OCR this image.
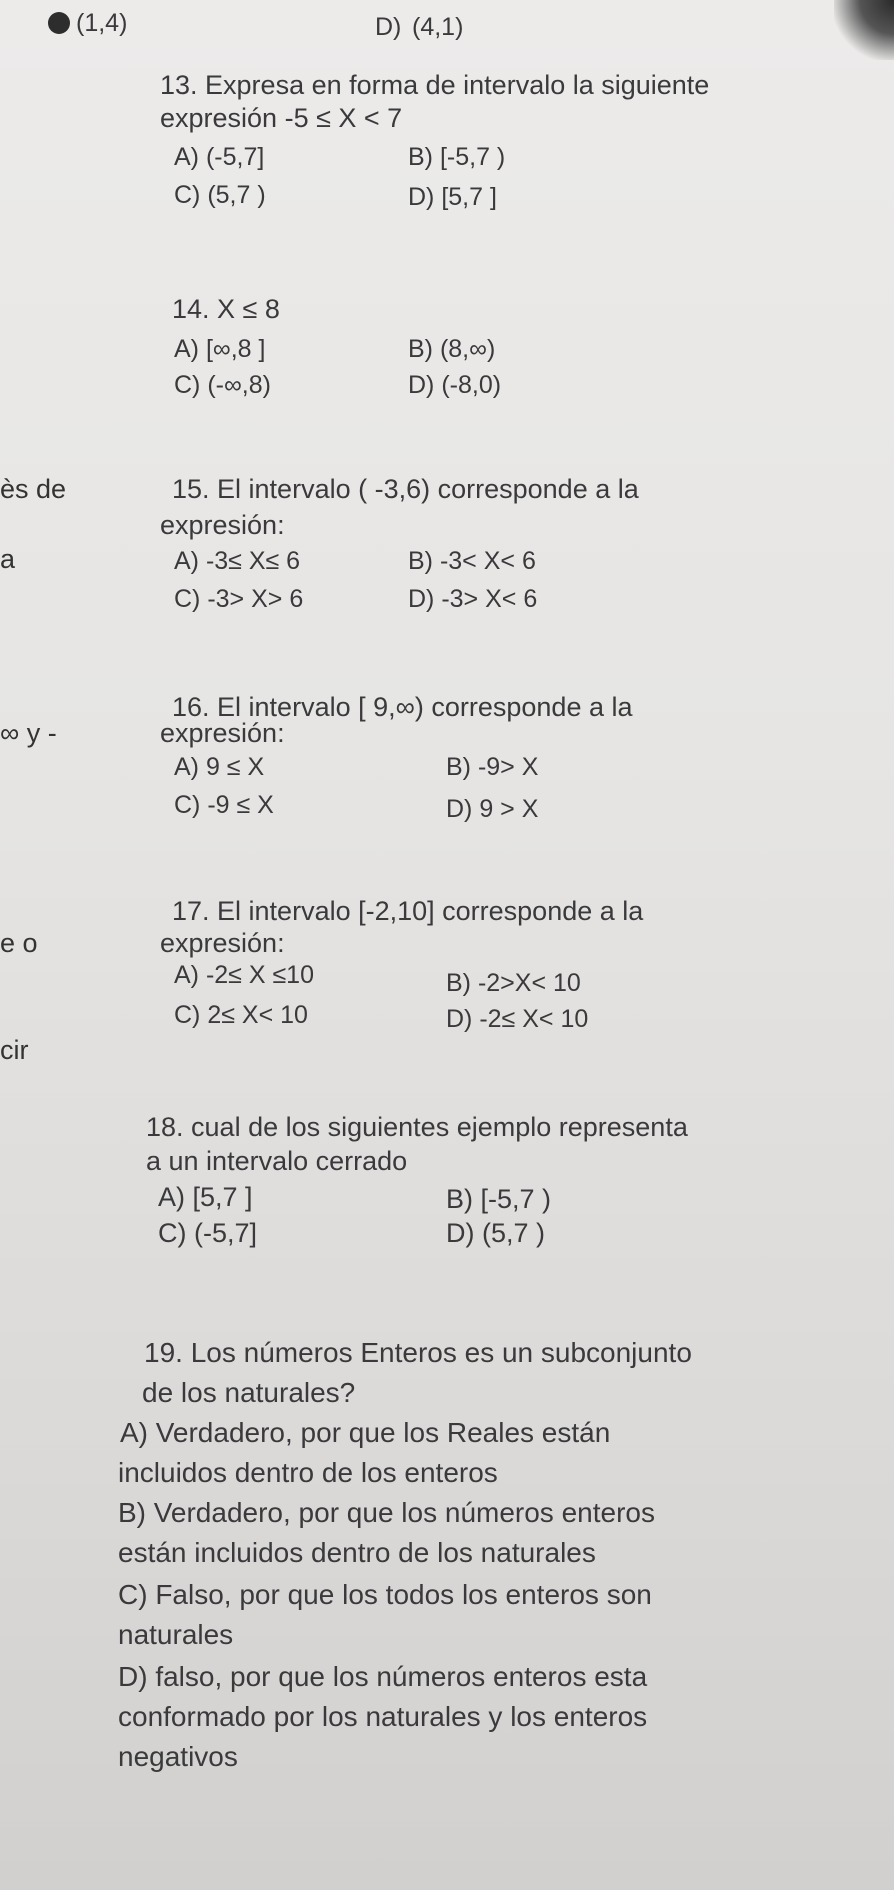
(1,4)	D) (4,1)
13. Expresa en forma de intervalo la siguiente
expresión -5 ≤ X < 7
A) (-5,7]	B) [-5,7 )
C) (5,7 )	D) [5,7 ]
14. X ≤ 8
A) [∞,8 ]	B) (8,∞)
C) (-∞,8)	D) (-8,0)
ès de	15. El intervalo ( -3,6) corresponde a la
expresión:
a	A) -3≤ X≤ 6	B) -3< X< 6
C) -3> X> 6	D) -3> X< 6
16. El intervalo [ 9,∞) corresponde a la
∞ y -	expresión:
A) 9 ≤ X	B) -9> X
C) -9 ≤ X	D) 9 > X
17. El intervalo [-2,10] corresponde a la
e o	expresión:
A) -2≤ X ≤10	B) -2>X< 10
C) 2≤ X< 10	D) -2≤ X< 10
cir
18. cual de los siguientes ejemplo representa
a un intervalo cerrado
A) [5,7 ]	B) [-5,7 )
C) (-5,7]	D) (5,7 )
19. Los números Enteros es un subconjunto
de los naturales?
A) Verdadero, por que los Reales están
incluidos dentro de los enteros
B) Verdadero, por que los números enteros
están incluidos dentro de los naturales
C) Falso, por que los todos los enteros son
naturales
D) falso, por que los números enteros esta
conformado por los naturales y los enteros
negativos
